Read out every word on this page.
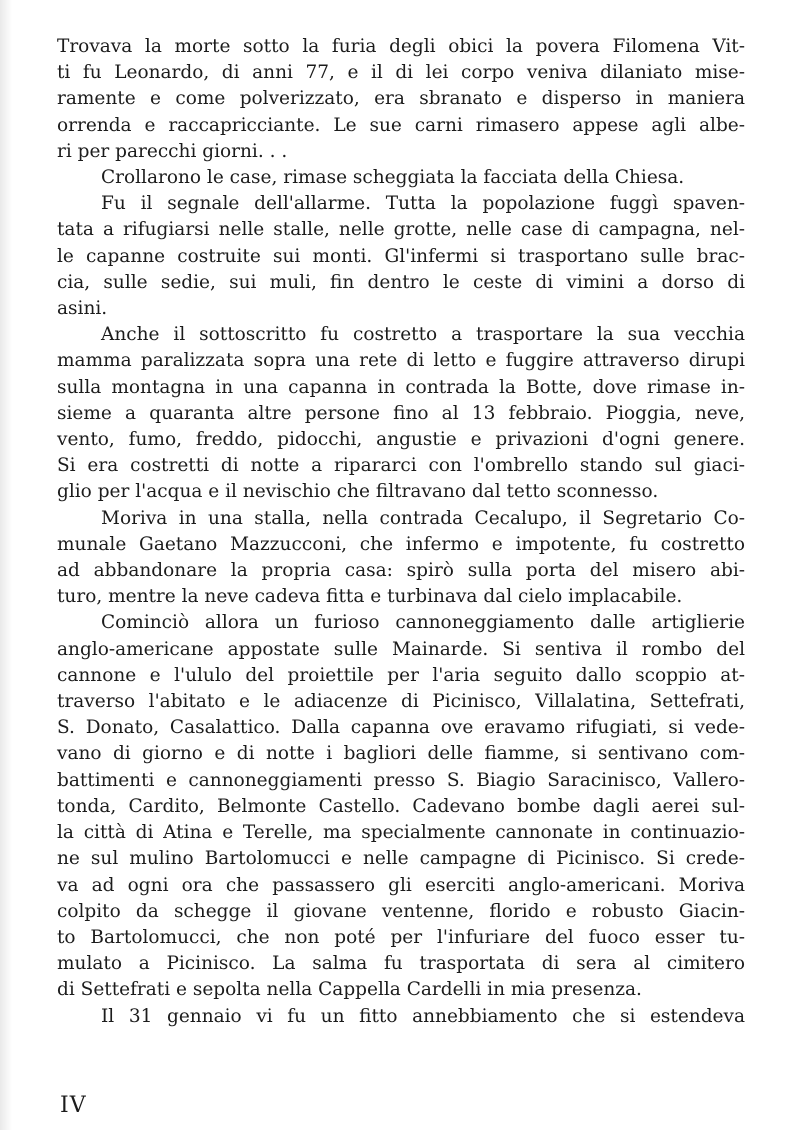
Trovava la morte sotto la furia degli obici la povera Filomena Vit-
ti fu Leonardo, di anni 77, e il di lei corpo veniva dilaniato mise-
ramente e come polverizzato, era sbranato e disperso in maniera
orrenda e raccapricciante. Le sue carni rimasero appese agli albe-
ri per parecchi giorni. . .

Crollarono le case, rimase scheggiata la facciata della Chiesa.

Fu il segnale dell'allarme. Tutta la popolazione fuggì spaven-
tata a rifugiarsi nelle stalle, nelle grotte, nelle case di campagna, nel-
le capanne costruite sui monti. Gl'infermi si trasportano sulle brac-
cia, sulle sedie, sui muli, fin dentro le ceste di vimini a dorso di
asini.

Anche il sottoscritto fu costretto a trasportare la sua vecchia
mamma paralizzata sopra una rete di letto e fuggire attraverso dirupi
sulla montagna in una capanna in contrada la Botte, dove rimase in-
sieme a quaranta altre persone fino al 13 febbraio. Pioggia, neve,
vento, fumo, freddo, pidocchi, angustie e privazioni d'ogni genere.
Si era costretti di notte a ripararci con l'ombrello stando sul giaci-
glio per l'acqua e il nevischio che filtravano dal tetto sconnesso.

Moriva in una stalla, nella contrada Cecalupo, il Segretario Co-
munale Gaetano Mazzucconi, che infermo e impotente, fu costretto
ad abbandonare la propria casa: spirò sulla porta del misero abi-
turo, mentre la neve cadeva fitta e turbinava dal cielo implacabile.

Cominciò allora un furioso cannoneggiamento dalle artiglierie
anglo-americane appostate sulle Mainarde. Si sentiva il rombo del
cannone e l'ululo del proiettile per l'aria seguito dallo scoppio at-
traverso l'abitato e le adiacenze di Picinisco, Villalatina, Settefrati,
S. Donato, Casalattico. Dalla capanna ove eravamo rifugiati, si vede-
vano di giorno e di notte i bagliori delle fiamme, si sentivano com-
battimenti e cannoneggiamenti presso S. Biagio Saracinisco, Vallero-
tonda, Cardito, Belmonte Castello. Cadevano bombe dagli aerei sul-
la città di Atina e Terelle, ma specialmente cannonate in continuazio-
ne sul mulino Bartolomucci e nelle campagne di Picinisco. Si crede-
va ad ogni ora che passassero gli eserciti anglo-americani. Moriva
colpito da schegge il giovane ventenne, florido e robusto Giacin-
to Bartolomucci, che non poté per l'infuriare del fuoco esser tu-
mulato a Picinisco. La salma fu trasportata di sera al cimitero
di Settefrati e sepolta nella Cappella Cardelli in mia presenza.

Il 31 gennaio vi fu un fitto annebbiamento che si estendeva

IV
